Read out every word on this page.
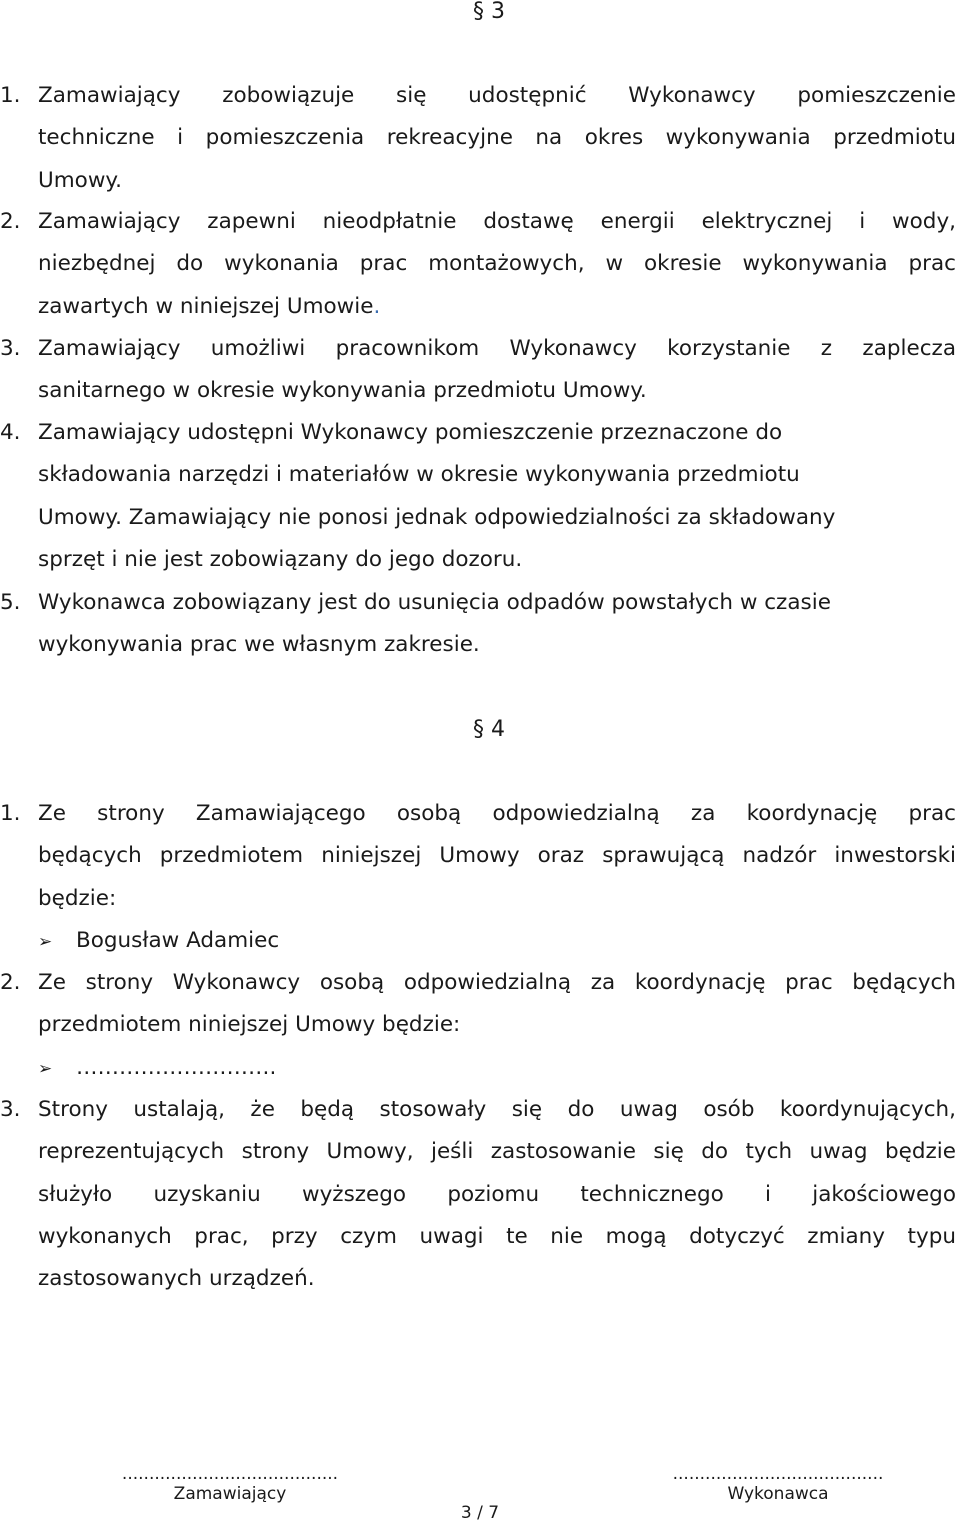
§ 3
1. Zamawiający zobowiązuje się udostępnić Wykonawcy pomieszczenie
techniczne i pomieszczenia rekreacyjne na okres wykonywania przedmiotu
Umowy.
2. Zamawiający zapewni nieodpłatnie dostawę energii elektrycznej i wody,
niezbędnej do wykonania prac montażowych, w okresie wykonywania prac
zawartych w niniejszej Umowie.
3. Zamawiający umożliwi pracownikom Wykonawcy korzystanie z zaplecza
sanitarnego w okresie wykonywania przedmiotu Umowy.
4. Zamawiający udostępni Wykonawcy pomieszczenie przeznaczone do
składowania narzędzi i materiałów w okresie wykonywania przedmiotu
Umowy. Zamawiający nie ponosi jednak odpowiedzialności za składowany
sprzęt i nie jest zobowiązany do jego dozoru.
5. Wykonawca zobowiązany jest do usunięcia odpadów powstałych w czasie
wykonywania prac we własnym zakresie.
§ 4
1. Ze strony Zamawiającego osobą odpowiedzialną za koordynację prac
będących przedmiotem niniejszej Umowy oraz sprawującą nadzór inwestorski
będzie:
➢ Bogusław Adamiec
2. Ze strony Wykonawcy osobą odpowiedzialną za koordynację prac będących
przedmiotem niniejszej Umowy będzie:
➢ ……………………….
3. Strony ustalają, że będą stosowały się do uwag osób koordynujących,
reprezentujących strony Umowy, jeśli zastosowanie się do tych uwag będzie
służyło uzyskaniu wyższego poziomu technicznego i jakościowego
wykonanych prac, przy czym uwagi te nie mogą dotyczyć zmiany typu
zastosowanych urządzeń.
........................................
Zamawiający
.......................................
Wykonawca
3 / 7
